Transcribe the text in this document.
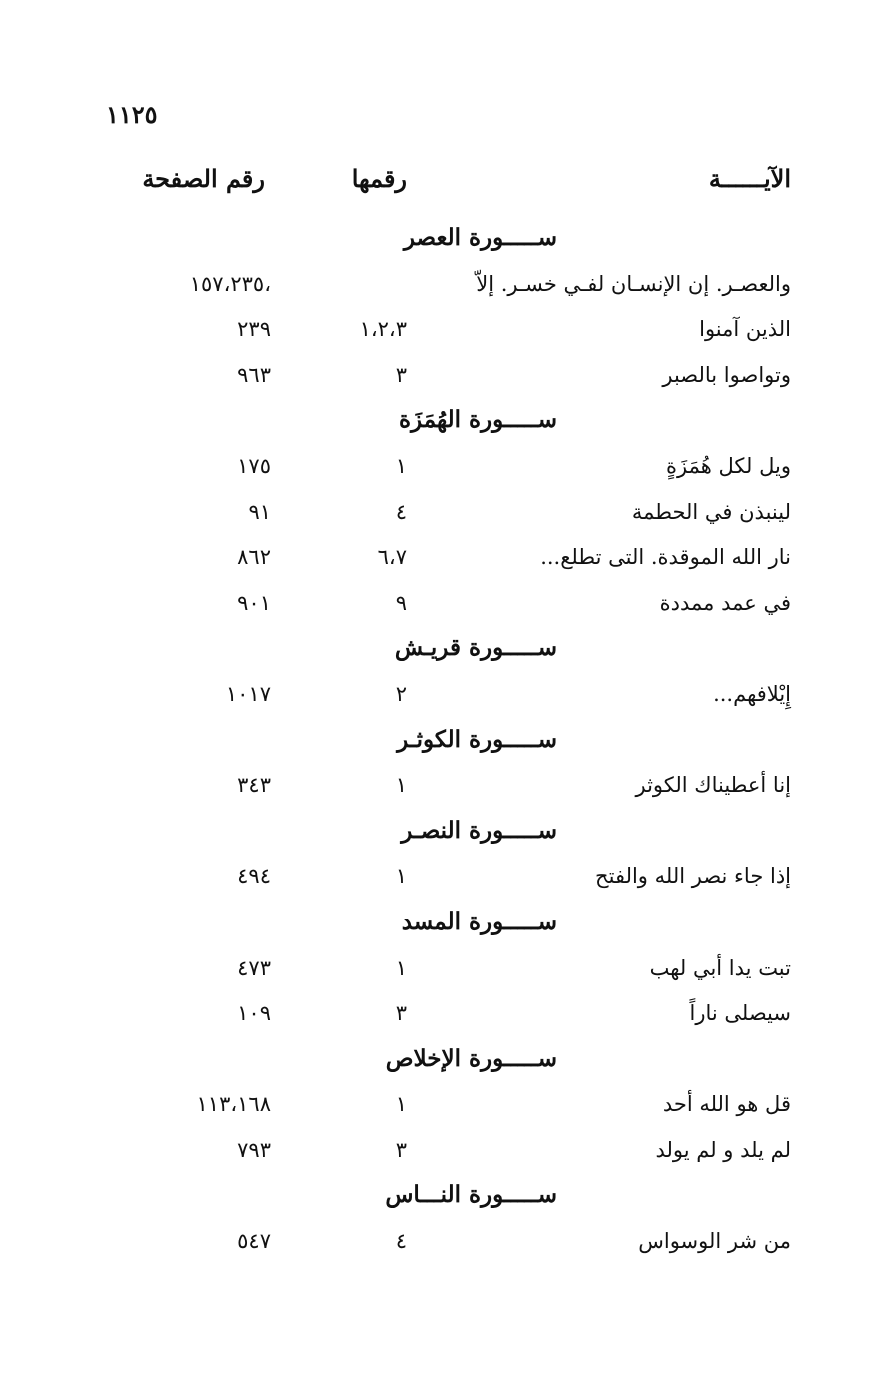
١١٢٥
الآيــــــة
رقمها
رقم الصفحة
ســـــورة العصر
والعصـر. إن الإنسـان لفـي خسـر. إلاّ
١٥٧،٢٣٥،
الذين آمنوا
١،٢،٣
٢٣٩
وتواصوا بالصبر
٣
٩٦٣
ســـــورة الهُمَزَة
ويل لكل هُمَزَةٍ
١
١٧٥
لينبذن في الحطمة
٤
٩١
نار الله الموقدة. التى تطلع...
٦،٧
٨٦٢
في عمد ممددة
٩
٩٠١
ســـــورة قريـش
إِيْلافهم...
٢
١٠١٧
ســـــورة الكوثـر
إنا أعطيناك الكوثر
١
٣٤٣
ســـــورة النصـر
إذا جاء نصر الله والفتح
١
٤٩٤
ســـــورة المسد
تبت يدا أبي لهب
١
٤٧٣
سيصلى ناراً
٣
١٠٩
ســـــورة الإخلاص
قل هو الله أحد
١
١١٣،١٦٨
لم يلد و لم يولد
٣
٧٩٣
ســـــورة النـــاس
من شر الوسواس
٤
٥٤٧
